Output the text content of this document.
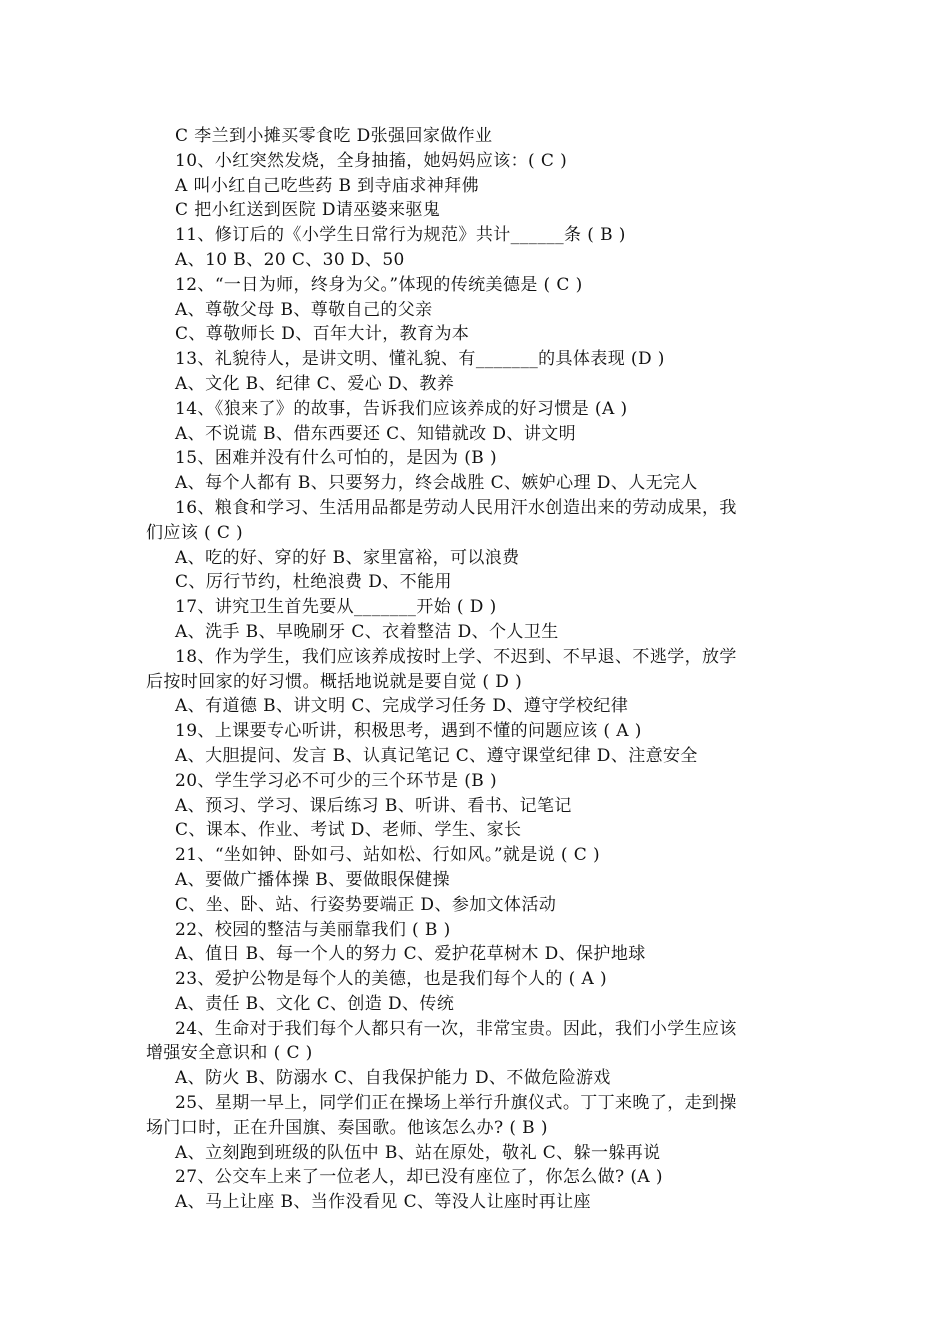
C 李兰到小摊买零食吃 D张强回家做作业
10、小红突然发烧，全身抽搐，她妈妈应该：( C )
A 叫小红自己吃些药 B 到寺庙求神拜佛
C 把小红送到医院 D请巫婆来驱鬼
11、修订后的《小学生日常行为规范》共计______条 ( B )
A、10 B、20 C、30 D、50
12、“一日为师，终身为父。”体现的传统美德是 ( C )
A、尊敬父母 B、尊敬自己的父亲
C、尊敬师长 D、百年大计，教育为本
13、礼貌待人，是讲文明、懂礼貌、有_______的具体表现 (D )
A、文化 B、纪律 C、爱心 D、教养
14、《狼来了》的故事，告诉我们应该养成的好习惯是 (A )
A、不说谎 B、借东西要还 C、知错就改 D、讲文明
15、困难并没有什么可怕的，是因为 (B )
A、每个人都有 B、只要努力，终会战胜 C、嫉妒心理 D、人无完人
16、粮食和学习、生活用品都是劳动人民用汗水创造出来的劳动成果，我
们应该 ( C )
A、吃的好、穿的好 B、家里富裕，可以浪费
C、厉行节约，杜绝浪费 D、不能用
17、讲究卫生首先要从_______开始 ( D )
A、洗手 B、早晚刷牙 C、衣着整洁 D、个人卫生
18、作为学生，我们应该养成按时上学、不迟到、不早退、不逃学，放学
后按时回家的好习惯。概括地说就是要自觉 ( D )
A、有道德 B、讲文明 C、完成学习任务 D、遵守学校纪律
19、上课要专心听讲，积极思考，遇到不懂的问题应该 ( A )
A、大胆提问、发言 B、认真记笔记 C、遵守课堂纪律 D、注意安全
20、学生学习必不可少的三个环节是 (B )
A、预习、学习、课后练习 B、听讲、看书、记笔记
C、课本、作业、考试 D、老师、学生、家长
21、“坐如钟、卧如弓、站如松、行如风。”就是说 ( C )
A、要做广播体操 B、要做眼保健操
C、坐、卧、站、行姿势要端正 D、参加文体活动
22、校园的整洁与美丽靠我们 ( B )
A、值日 B、每一个人的努力 C、爱护花草树木 D、保护地球
23、爱护公物是每个人的美德，也是我们每个人的 ( A )
A、责任 B、文化 C、创造 D、传统
24、生命对于我们每个人都只有一次，非常宝贵。因此，我们小学生应该
增强安全意识和 ( C )
A、防火 B、防溺水 C、自我保护能力 D、不做危险游戏
25、星期一早上，同学们正在操场上举行升旗仪式。丁丁来晚了，走到操
场门口时，正在升国旗、奏国歌。他该怎么办? ( B )
A、立刻跑到班级的队伍中 B、站在原处，敬礼 C、躲一躲再说
27、公交车上来了一位老人，却已没有座位了，你怎么做? (A )
A、马上让座 B、当作没看见 C、等没人让座时再让座
